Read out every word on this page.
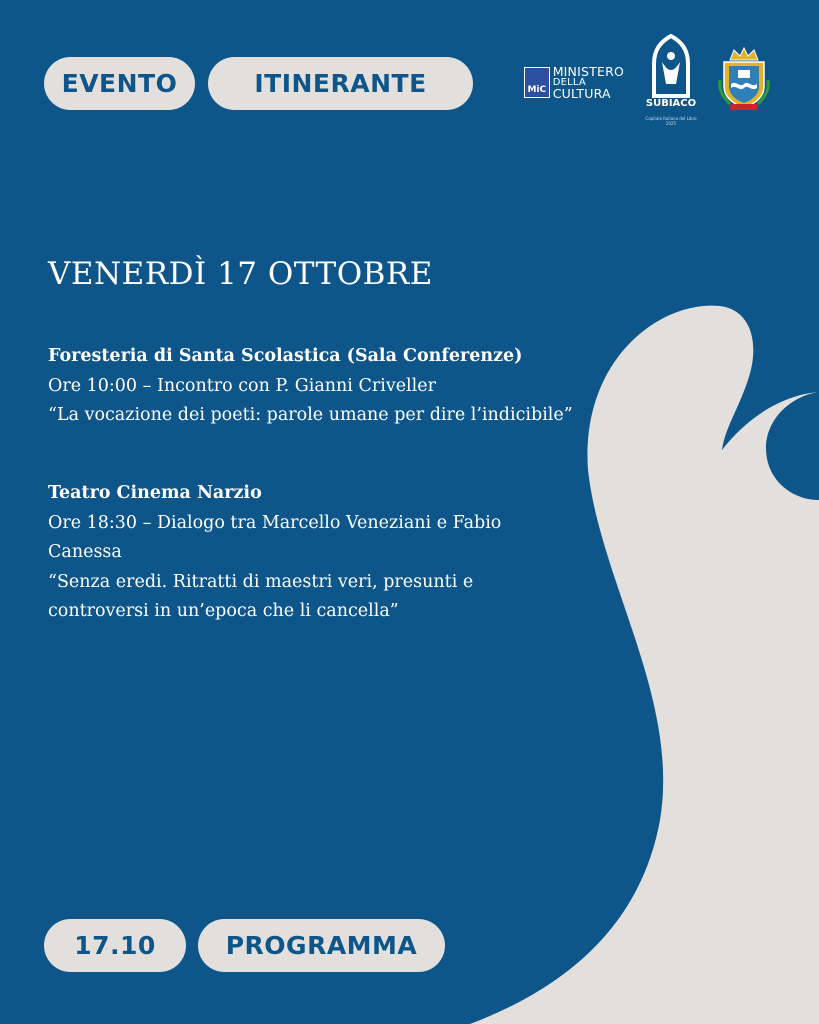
EVENTO	ITINERANTE	MiC
MINISTERO
DELLA
CULTURA
SUBIACO
Capitale Italiana del Libro 2025
VENERDÌ 17 OTTOBRE
Foresteria di Santa Scolastica (Sala Conferenze)
Ore 10:00 – Incontro con P. Gianni Criveller
“La vocazione dei poeti: parole umane per dire l’indicibile”
Teatro Cinema Narzio
Ore 18:30 – Dialogo tra Marcello Veneziani e Fabio Canessa
“Senza eredi. Ritratti di maestri veri, presunti e controversi in un’epoca che li cancella”
17.10	PROGRAMMA
